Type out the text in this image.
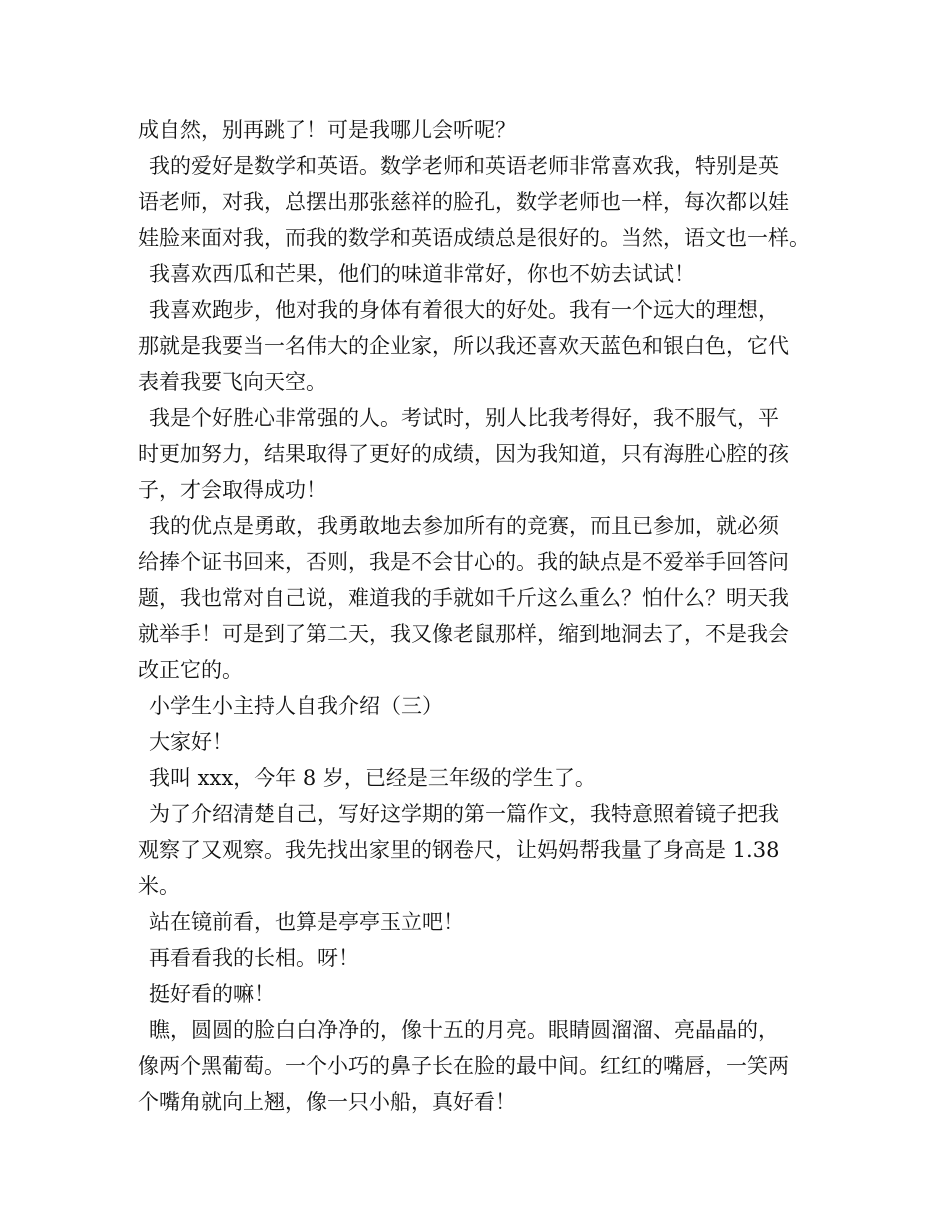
成自然，别再跳了！可是我哪儿会听呢？

我的爱好是数学和英语。数学老师和英语老师非常喜欢我，特别是英

语老师，对我，总摆出那张慈祥的脸孔，数学老师也一样，每次都以娃

娃脸来面对我，而我的数学和英语成绩总是很好的。当然，语文也一样。

我喜欢西瓜和芒果，他们的味道非常好，你也不妨去试试！

我喜欢跑步，他对我的身体有着很大的好处。我有一个远大的理想，

那就是我要当一名伟大的企业家，所以我还喜欢天蓝色和银白色，它代

表着我要飞向天空。

我是个好胜心非常强的人。考试时，别人比我考得好，我不服气，平

时更加努力，结果取得了更好的成绩，因为我知道，只有海胜心腔的孩

子，才会取得成功！

我的优点是勇敢，我勇敢地去参加所有的竞赛，而且已参加，就必须

给捧个证书回来，否则，我是不会甘心的。我的缺点是不爱举手回答问

题，我也常对自己说，难道我的手就如千斤这么重么？怕什么？明天我

就举手！可是到了第二天，我又像老鼠那样，缩到地洞去了，不是我会

改正它的。

小学生小主持人自我介绍（三）

大家好！

我叫 xxx，今年 8 岁，已经是三年级的学生了。

为了介绍清楚自己，写好这学期的第一篇作文，我特意照着镜子把我

观察了又观察。我先找出家里的钢卷尺，让妈妈帮我量了身高是 1.38

米。

站在镜前看，也算是亭亭玉立吧！

再看看我的长相。呀！

挺好看的嘛！

瞧，圆圆的脸白白净净的，像十五的月亮。眼睛圆溜溜、亮晶晶的，

像两个黑葡萄。一个小巧的鼻子长在脸的最中间。红红的嘴唇，一笑两

个嘴角就向上翘，像一只小船，真好看！
